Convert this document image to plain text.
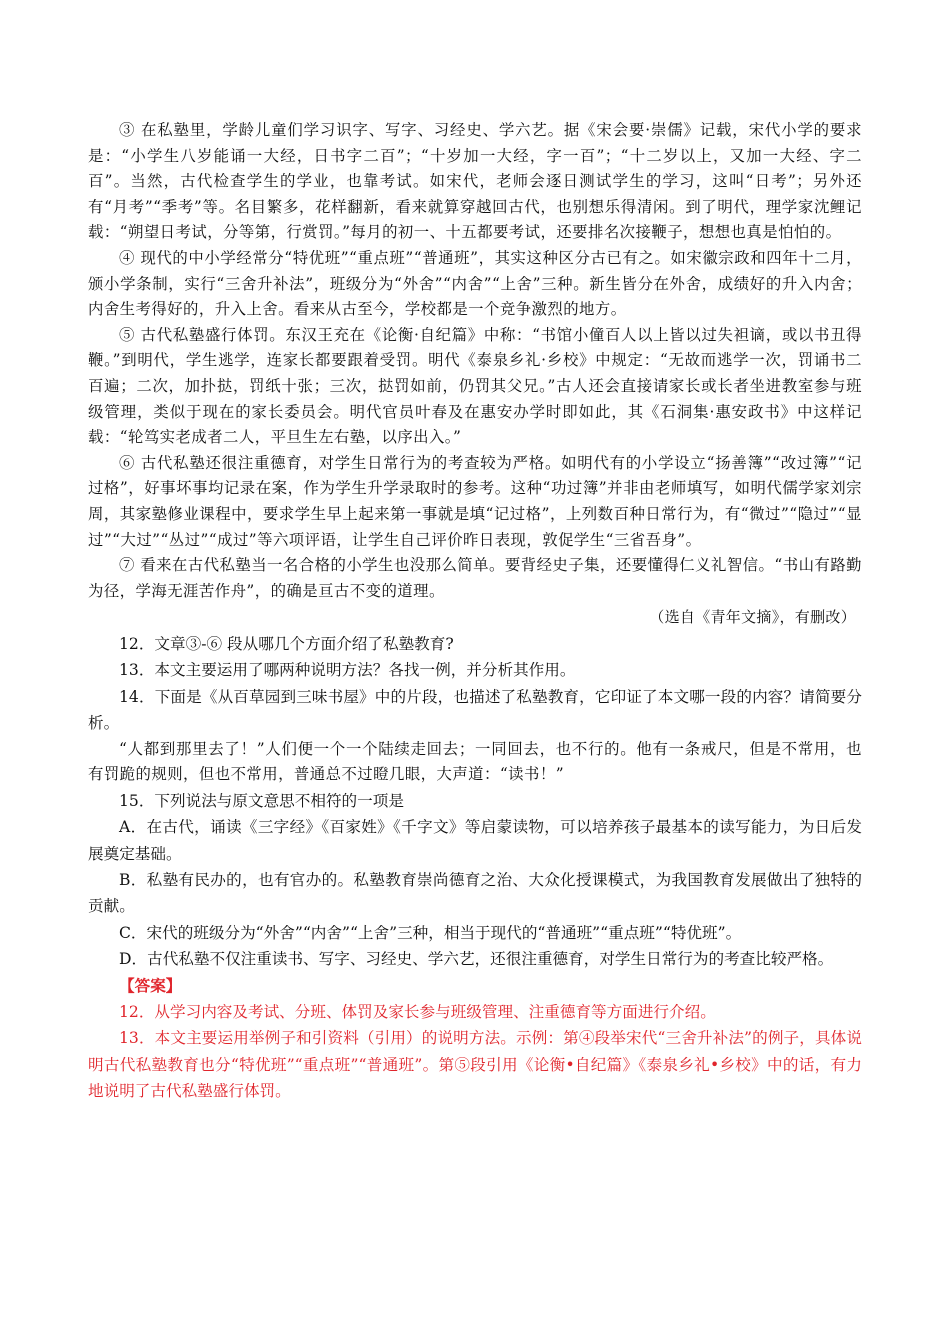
③ 在私塾里，学龄儿童们学习识字、写字、习经史、学六艺。据《宋会要·崇儒》记载，宋代小学的要求是：“小学生八岁能诵一大经，日书字二百”；“十岁加一大经，字一百”；“十二岁以上，又加一大经、字二百”。当然，古代检查学生的学业，也靠考试。如宋代，老师会逐日测试学生的学习，这叫“日考”；另外还有“月考”“季考”等。名目繁多，花样翻新，看来就算穿越回古代，也别想乐得清闲。到了明代，理学家沈鲤记载：“朔望日考试，分等第，行赏罚。”每月的初一、十五都要考试，还要排名次接鞭子，想想也真是怕怕的。

④ 现代的中小学经常分“特优班”“重点班”“普通班”，其实这种区分古已有之。如宋徽宗政和四年十二月，颁小学条制，实行“三舍升补法”，班级分为“外舍”“内舍”“上舍”三种。新生皆分在外舍，成绩好的升入内舍；内舍生考得好的，升入上舍。看来从古至今，学校都是一个竞争激烈的地方。

⑤ 古代私塾盛行体罚。东汉王充在《论衡·自纪篇》中称：“书馆小僮百人以上皆以过失袒谪，或以书丑得鞭。”到明代，学生逃学，连家长都要跟着受罚。明代《泰泉乡礼·乡校》中规定：“无故而逃学一次，罚诵书二百遍；二次，加扑挞，罚纸十张；三次，挞罚如前，仍罚其父兄。”古人还会直接请家长或长者坐进教室参与班级管理，类似于现在的家长委员会。明代官员叶春及在惠安办学时即如此，其《石洞集·惠安政书》中这样记载：“轮笃实老成者二人，平旦生左右塾，以序出入。”

⑥ 古代私塾还很注重德育，对学生日常行为的考查较为严格。如明代有的小学设立“扬善簿”“改过簿”“记过格”，好事坏事均记录在案，作为学生升学录取时的参考。这种“功过簿”并非由老师填写，如明代儒学家刘宗周，其家塾修业课程中，要求学生早上起来第一事就是填“记过格”，上列数百种日常行为，有“微过”“隐过”“显过”“大过”“丛过”“成过”等六项评语，让学生自己评价昨日表现，敦促学生“三省吾身”。

⑦ 看来在古代私塾当一名合格的小学生也没那么简单。要背经史子集，还要懂得仁义礼智信。“书山有路勤为径，学海无涯苦作舟”，的确是亘古不变的道理。

（选自《青年文摘》，有删改）

12．文章③-⑥ 段从哪几个方面介绍了私塾教育?

13．本文主要运用了哪两种说明方法？各找一例，并分析其作用。

14．下面是《从百草园到三味书屋》中的片段，也描述了私塾教育，它印证了本文哪一段的内容？请简要分析。

“人都到那里去了！”人们便一个一个陆续走回去；一同回去，也不行的。他有一条戒尺，但是不常用，也有罚跪的规则，但也不常用，普通总不过瞪几眼，大声道：“读书！”

15．下列说法与原文意思不相符的一项是

A．在古代，诵读《三字经》《百家姓》《千字文》等启蒙读物，可以培养孩子最基本的读写能力，为日后发展奠定基础。

B．私塾有民办的，也有官办的。私塾教育崇尚德育之治、大众化授课模式，为我国教育发展做出了独特的贡献。

C．宋代的班级分为“外舍”“内舍”“上舍”三种，相当于现代的“普通班”“重点班”“特优班”。

D．古代私塾不仅注重读书、写字、习经史、学六艺，还很注重德育，对学生日常行为的考查比较严格。

【答案】

12．从学习内容及考试、分班、体罚及家长参与班级管理、注重德育等方面进行介绍。

13．本文主要运用举例子和引资料（引用）的说明方法。示例：第④段举宋代“三舍升补法”的例子，具体说明古代私塾教育也分“特优班”“重点班”“普通班”。第⑤段引用《论衡•自纪篇》《泰泉乡礼•乡校》中的话，有力地说明了古代私塾盛行体罚。
